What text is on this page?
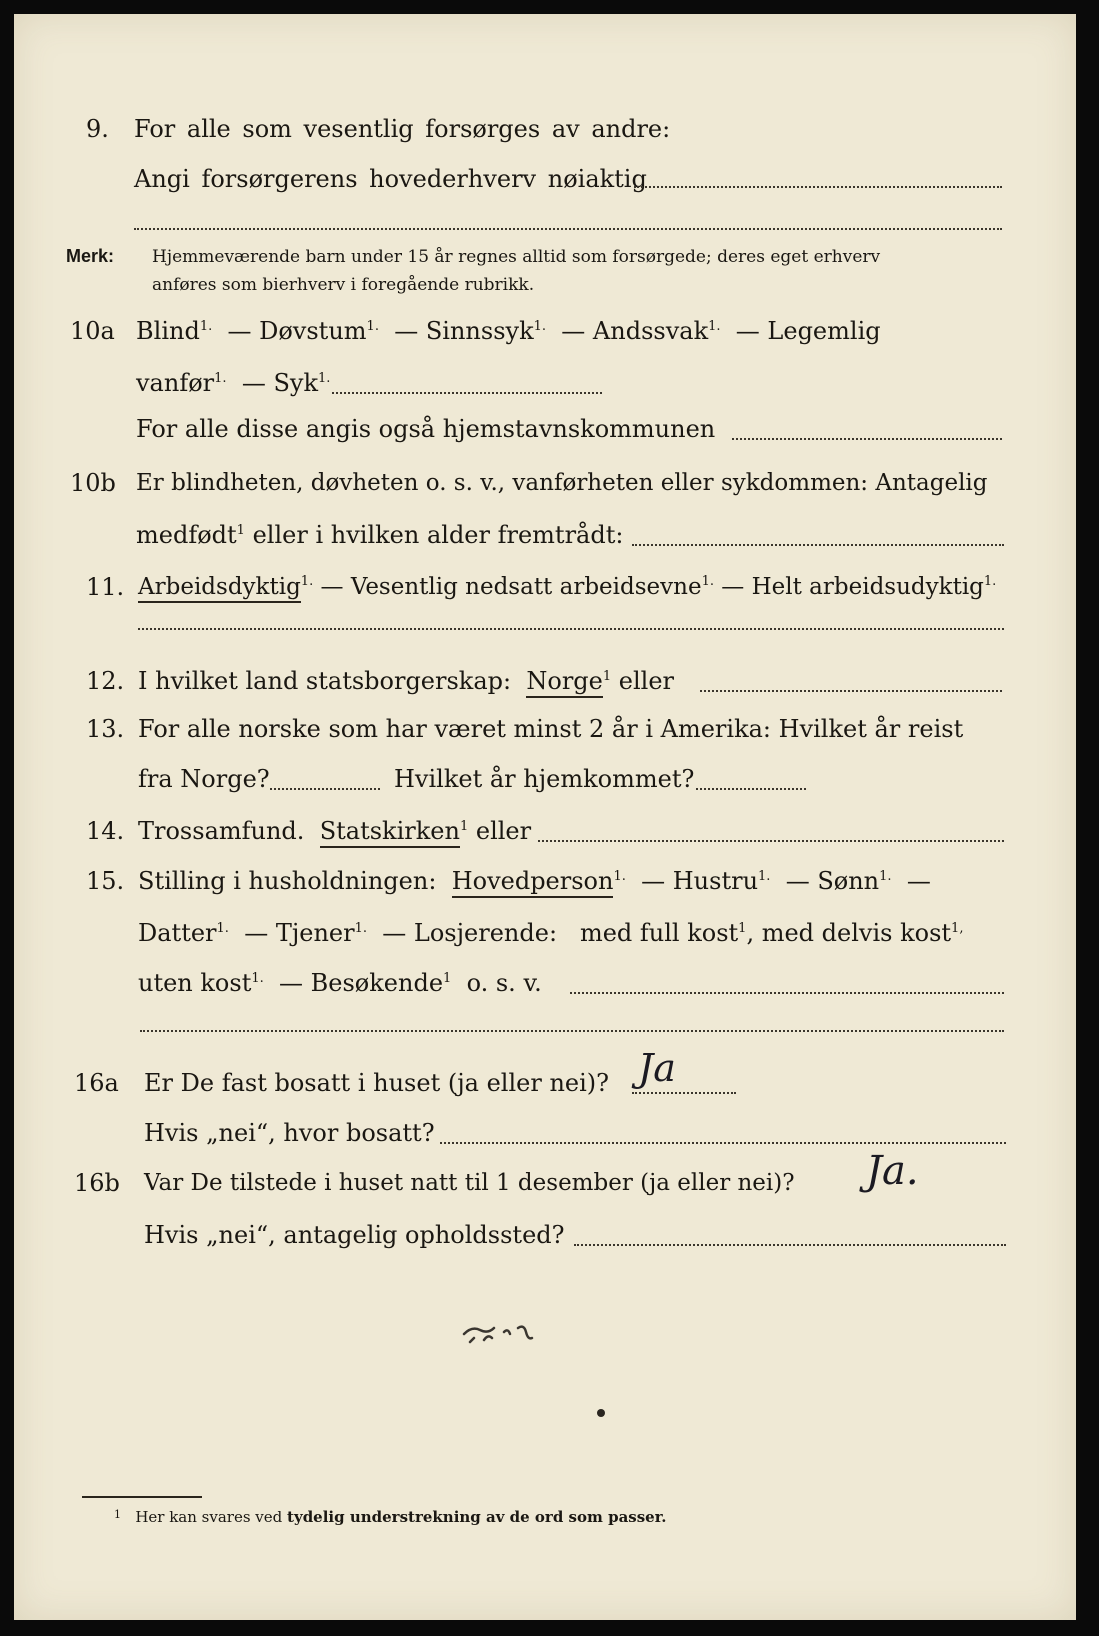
9. For alle som vesentlig forsørges av andre:
Angi forsørgerens hovederhverv nøiaktig
Merk: Hjemmeværende barn under 15 år regnes alltid som forsørgede; deres eget erhverv
anføres som bierhverv i foregående rubrikk.
10a Blind$^{1.}$ — Døvstum$^{1.}$ — Sinnssyk$^{1.}$ — Andssvak$^{1.}$ — Legemlig
vanfør$^{1.}$ — Syk$^{1.}$
For alle disse angis også hjemstavnskommunen
10b Er blindheten, døvheten o. s. v., vanførheten eller sykdommen: Antagelig
medfødt$^1$ eller i hvilken alder fremtrådt:
11. Arbeidsdyktig$^{1.}$ — Vesentlig nedsatt arbeidsevne$^{1.}$ — Helt arbeidsudyktig$^{1.}$
12. I hvilket land statsborgerskap: Norge$^1$ eller
13. For alle norske som har været minst 2 år i Amerika: Hvilket år reist
fra Norge?	Hvilket år hjemkommet?
14. Trossamfund. Statskirken$^1$ eller
15. Stilling i husholdningen: Hovedperson$^{1.}$ — Hustru$^{1.}$ — Sønn$^{1.}$ —
Datter$^{1.}$ — Tjener$^{1.}$ — Losjerende: med full kost$^1$, med delvis kost$^{1,}$
uten kost$^{1.}$ — Besøkende$^1$ o. s. v.
16a Er De fast bosatt i huset (ja eller nei)? Ja
Hvis „nei“, hvor bosatt?
16b Var De tilstede i huset natt til 1 desember (ja eller nei)? Ja.
Hvis „nei“, antagelig opholdssted?
$^1$ Her kan svares ved tydelig understrekning av de ord som passer.
